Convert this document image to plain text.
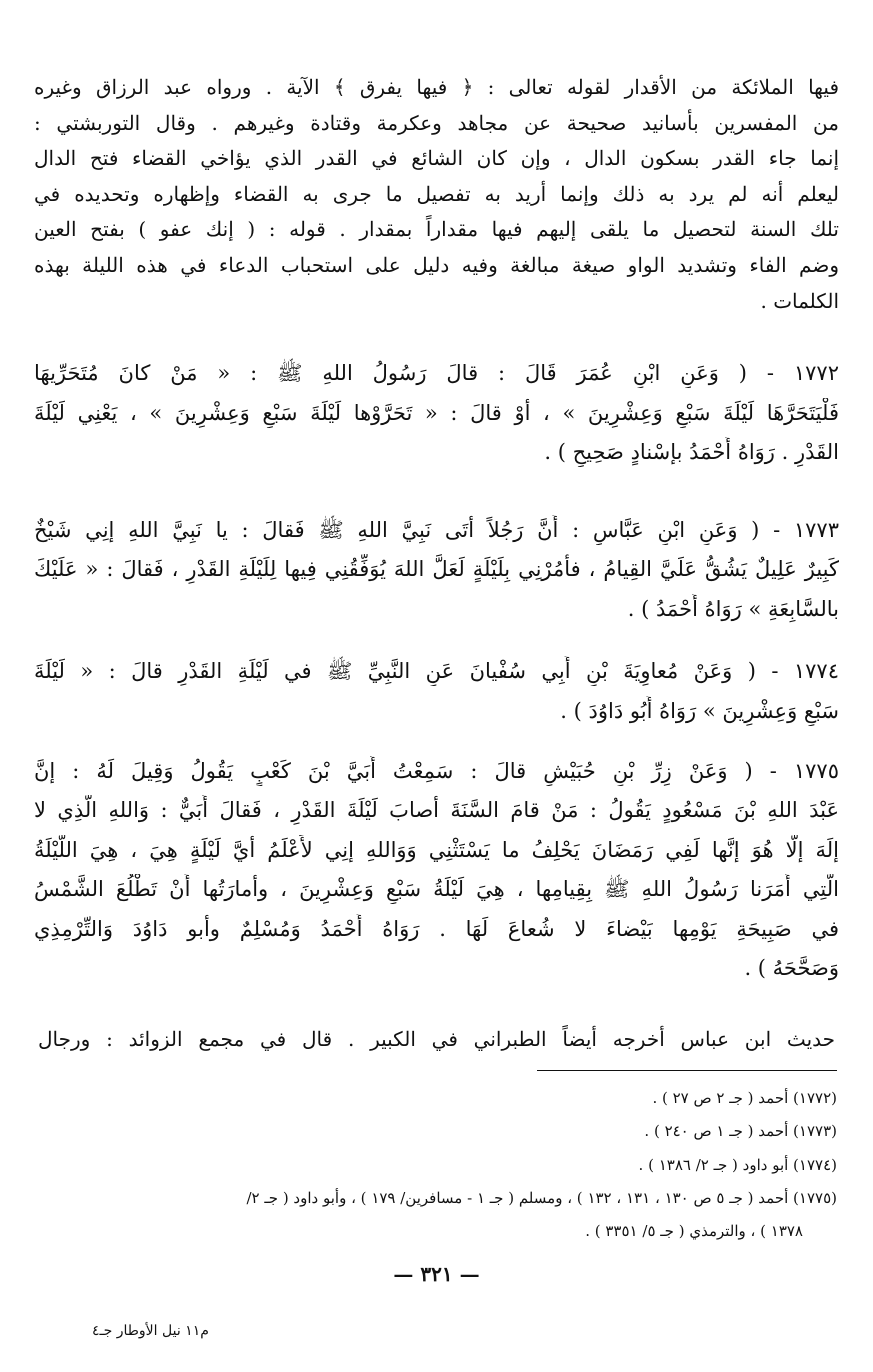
فيها الملائكة من الأقدار لقوله تعالى : ﴿ فيها يفرق ﴾ الآية . ورواه عبد الرزاق وغيره
من المفسرين بأسانيد صحيحة عن مجاهد وعكرمة وقتادة وغيرهم . وقال التوربشتي :
إنما جاء القدر بسكون الدال ، وإن كان الشائع في القدر الذي يؤاخي القضاء فتح الدال
ليعلم أنه لم يرد به ذلك وإنما أريد به تفصيل ما جرى به القضاء وإظهاره وتحديده في
تلك السنة لتحصيل ما يلقى إليهم فيها مقداراً بمقدار . قوله : ( إنك عفو ) بفتح العين
وضم الفاء وتشديد الواو صيغة مبالغة وفيه دليل على استحباب الدعاء في هذه الليلة بهذه
الكلمات .
١٧٧٢ - ( وَعَنِ ابْنِ عُمَرَ قَالَ : قالَ رَسُولُ اللهِ ﷺ : « مَنْ كانَ مُتَحَرِّيهَا
فَلْيَتَحَرَّهَا لَيْلَةَ سَبْعٍ وَعِشْرِينَ » ، أوْ قالَ : « تَحَرَّوْها لَيْلَةَ سَبْعٍ وَعِشْرِينَ » ، يَعْنِي لَيْلَةَ
القَدْرِ . رَوَاهُ أَحْمَدُ بإسْنادٍ صَحِيحٍ ) .
١٧٧٣ - ( وَعَنِ ابْنِ عَبَّاسٍ : أَنَّ رَجُلاً أتَى نَبِيَّ اللهِ ﷺ فَقالَ : يا نَبِيَّ اللهِ إنِي شَيْخٌ
كَبِيرٌ عَلِيلٌ يَشُقُّ عَلَيَّ القِيامُ ، فأْمُرْنِي بِلَيْلَةٍ لَعَلَّ اللهَ يُوَفِّقُنِي فِيها لِلَيْلَةِ القَدْرِ ، فَقالَ : « عَلَيْكَ
بالسَّابِعَةِ » رَوَاهُ أَحْمَدُ ) .
١٧٧٤ - ( وَعَنْ مُعاوِيَةَ بْنِ أَبِي سُفْيانَ عَنِ النَّبِيِّ ﷺ في لَيْلَةِ القَدْرِ قالَ : « لَيْلَةَ
سَبْعٍ وَعِشْرِينَ » رَوَاهُ أَبُو دَاوُدَ ) .
١٧٧٥ - ( وَعَنْ زِرِّ بْنِ حُبَيْشٍ قالَ : سَمِعْتُ أُبَيَّ بْنَ كَعْبٍ يَقُولُ وَقِيلَ لَهُ : إنَّ
عَبْدَ اللهِ بْنَ مَسْعُودٍ يَقُولُ : مَنْ قامَ السَّنَةَ أصابَ لَيْلَةَ القَدْرِ ، فَقالَ أُبَيٌّ : وَاللهِ الَّذِي لا
إلَهَ إلَّا هُوَ إنَّها لَفِي رَمَضَانَ يَحْلِفُ ما يَسْتَثْنِي وَوَاللهِ إنِي لأَعْلَمُ أيَّ لَيْلَةٍ هِيَ ، هِيَ اللَّيْلَةُ
الَّتِي أَمَرَنا رَسُولُ اللهِ ﷺ بِقِيامِها ، هِيَ لَيْلَةُ سَبْعٍ وَعِشْرِينَ ، وأمارَتُها أَنْ تَطْلُعَ الشَّمْسُ
في صَبِيحَةِ يَوْمِها بَيْضاءَ لا شُعاعَ لَهَا . رَوَاهُ أَحْمَدُ وَمُسْلِمٌ وأبو دَاوُدَ وَالتِّرْمِذِي
وَصَحَّحَهُ ) .
حديث ابن عباس أخرجه أيضاً الطبراني في الكبير . قال في مجمع الزوائد : ورجال
(١٧٧٢) أحمد ( جـ ٢ ص ٢٧ ) .
(١٧٧٣) أحمد ( جـ ١ ص ٢٤٠ ) .
(١٧٧٤) أبو داود ( جـ ٢/ ١٣٨٦ ) .
(١٧٧٥) أحمد ( جـ ٥ ص ١٣٠ ، ١٣١ ، ١٣٢ ) ، ومسلم ( جـ ١ - مسافرين/ ١٧٩ ) ، وأبو داود ( جـ ٢/
١٣٧٨ ) ، والترمذي ( جـ ٥/ ٣٣٥١ ) .
— ٣٢١ —
م١١ نيل الأوطار جـ٤
